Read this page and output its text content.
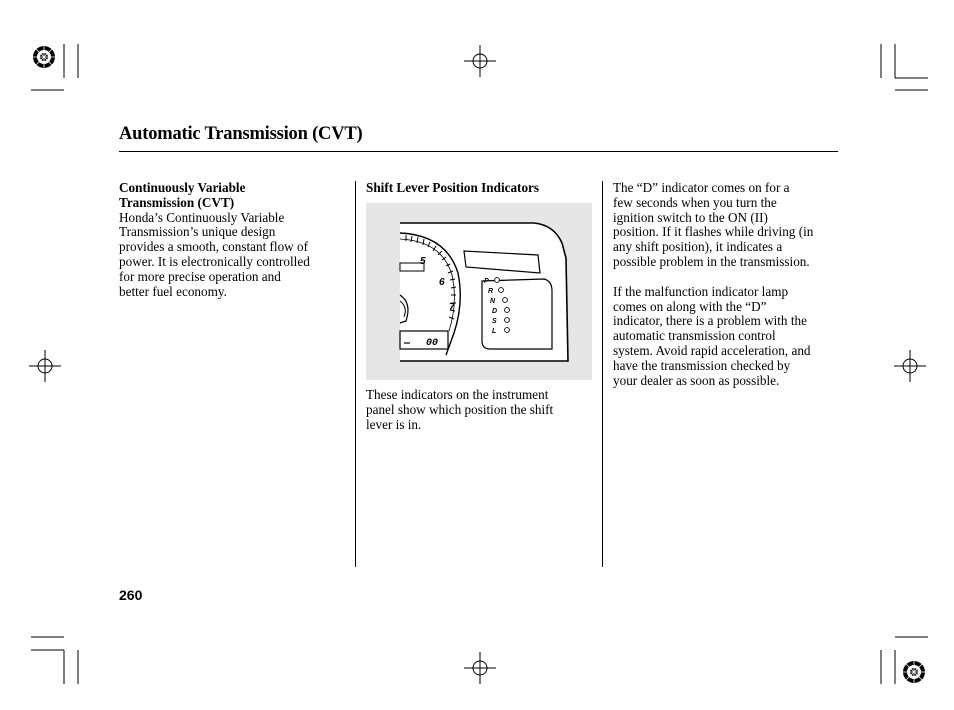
Automatic Transmission (CVT)

Continuously Variable

Transmission (CVT)

Honda’s Continuously Variable

Transmission’s unique design

provides a smooth, constant flow of

power. It is electronically controlled

for more precise operation and

better fuel economy.

Shift Lever Position Indicators

5
6
7
P
R
N
D
S
L
00

These indicators on the instrument

panel show which position the shift

lever is in.

The “D” indicator comes on for a

few seconds when you turn the

ignition switch to the ON (II)

position. If it flashes while driving (in

any shift position), it indicates a

possible problem in the transmission.

If the malfunction indicator lamp

comes on along with the “D”

indicator, there is a problem with the

automatic transmission control

system. Avoid rapid acceleration, and

have the transmission checked by

your dealer as soon as possible.

260
